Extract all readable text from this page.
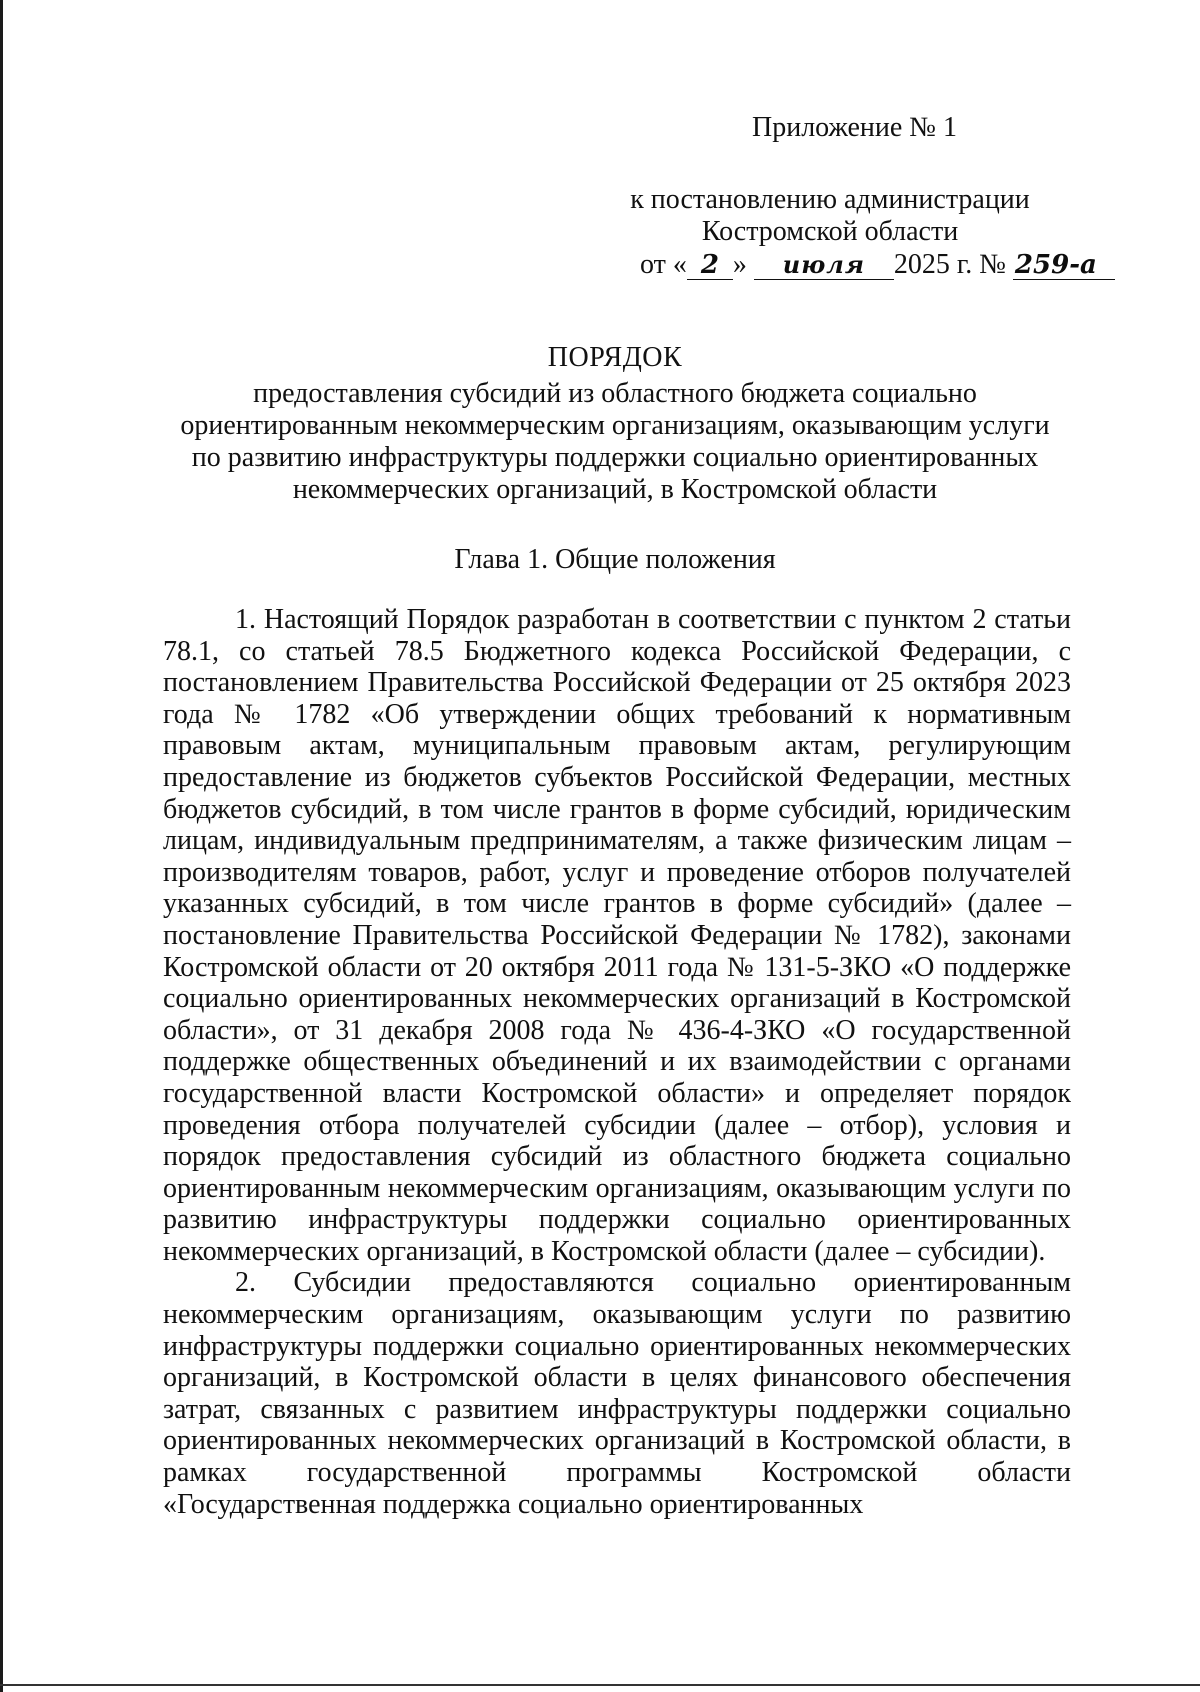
Приложение № 1
к постановлению администрации
Костромской области
от « 2 » июля 2025 г. № 259-а
ПОРЯДОК
предоставления субсидий из областного бюджета социально
ориентированным некоммерческим организациям, оказывающим услуги
по развитию инфраструктуры поддержки социально ориентированных
некоммерческих организаций, в Костромской области
Глава 1. Общие положения

1. Настоящий Порядок разработан в соответствии с пунктом 2 статьи 78.1, со статьей 78.5 Бюджетного кодекса Российской Федерации, с постановлением Правительства Российской Федерации от 25 октября 2023 года № 1782 «Об утверждении общих требований к нормативным правовым актам, муниципальным правовым актам, регулирующим предоставление из бюджетов субъектов Российской Федерации, местных бюджетов субсидий, в том числе грантов в форме субсидий, юридическим лицам, индивидуальным предпринимателям, а также физическим лицам – производителям товаров, работ, услуг и проведение отборов получателей указанных субсидий, в том числе грантов в форме субсидий» (далее – постановление Правительства Российской Федерации № 1782), законами Костромской области от 20 октября 2011 года № 131-5-ЗКО «О поддержке социально ориентированных некоммерческих организаций в Костромской области», от 31 декабря 2008 года № 436-4-ЗКО «О государственной поддержке общественных объединений и их взаимодействии с органами государственной власти Костромской области» и определяет порядок проведения отбора получателей субсидии (далее – отбор), условия и порядок предоставления субсидий из областного бюджета социально ориентированным некоммерческим организациям, оказывающим услуги по развитию инфраструктуры поддержки социально ориентированных некоммерческих организаций, в Костромской области (далее – субсидии).

2. Субсидии предоставляются социально ориентированным некоммерческим организациям, оказывающим услуги по развитию инфраструктуры поддержки социально ориентированных некоммерческих организаций, в Костромской области в целях финансового обеспечения затрат, связанных с развитием инфраструктуры поддержки социально ориентированных некоммерческих организаций в Костромской области, в рамках государственной программы Костромской области «Государственная поддержка социально ориентированных
